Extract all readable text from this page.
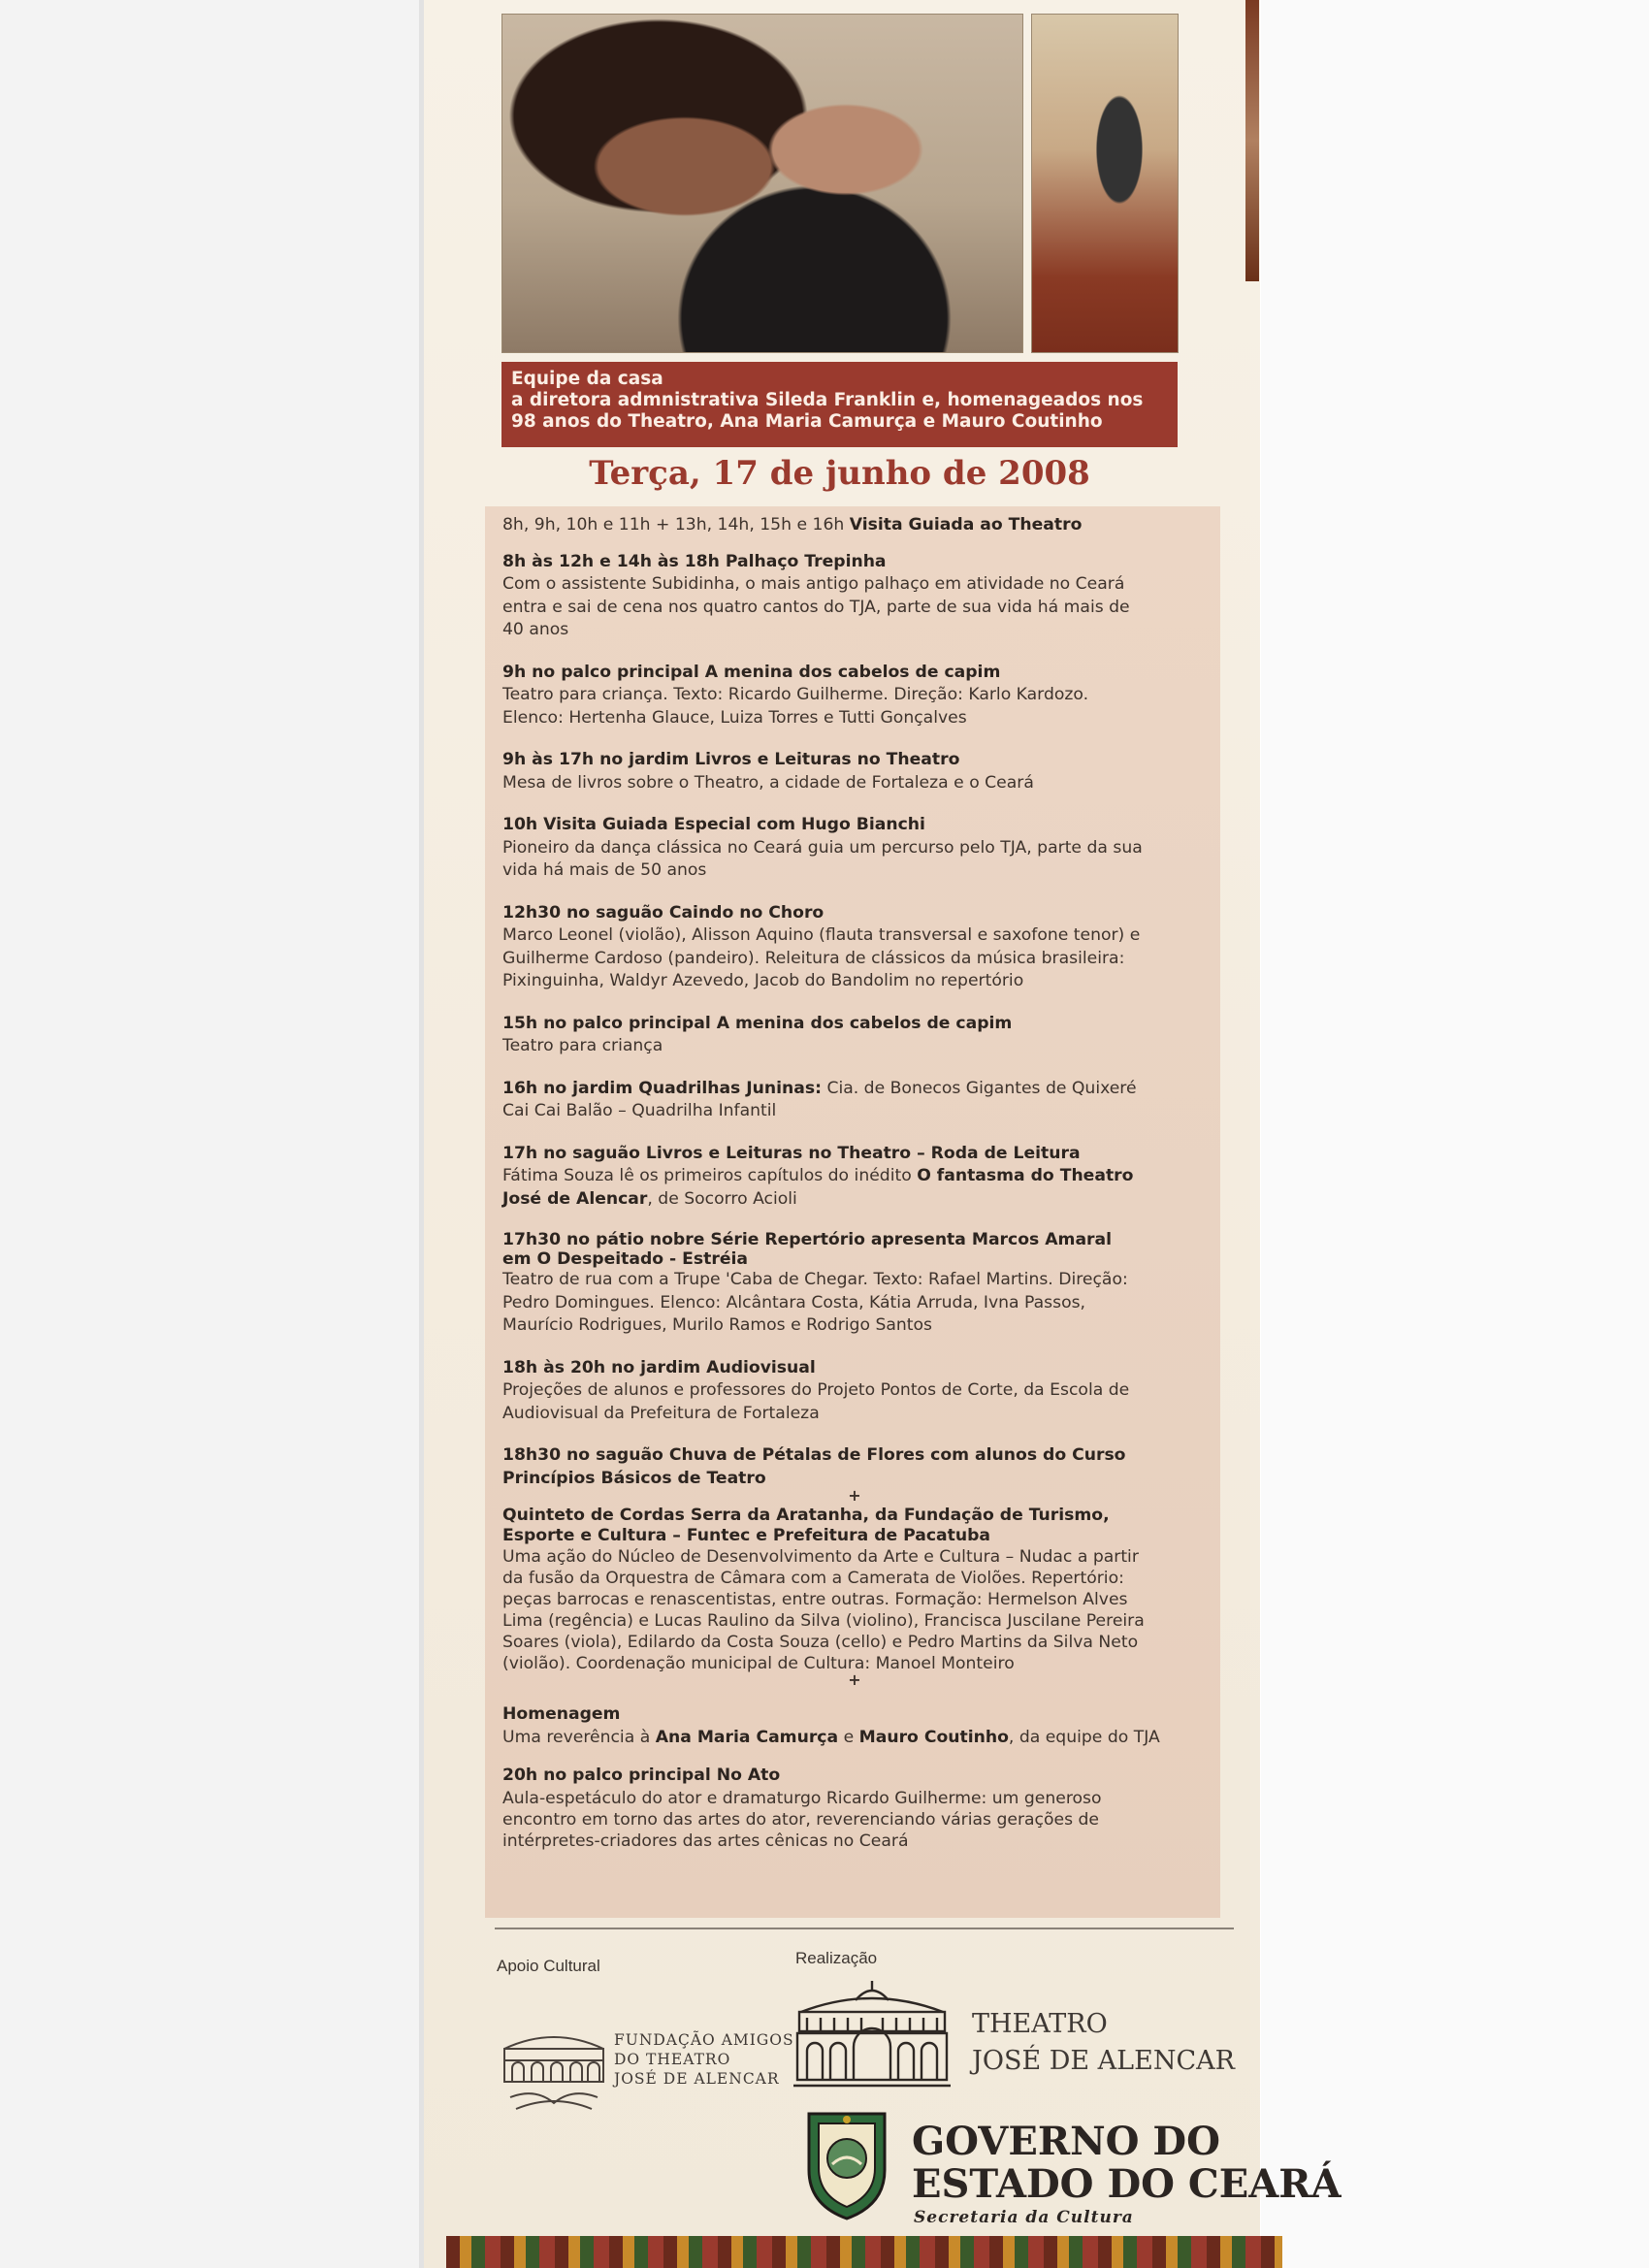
Equipe da casa
a diretora admnistrativa Sileda Franklin e, homenageados nos
98 anos do Theatro, Ana Maria Camurça e Mauro Coutinho
Terça, 17 de junho de 2008
8h, 9h, 10h e 11h + 13h, 14h, 15h e 16h Visita Guiada ao Theatro
8h às 12h e 14h às 18h Palhaço Trepinha
Com o assistente Subidinha, o mais antigo palhaço em atividade no Ceará
entra e sai de cena nos quatro cantos do TJA, parte de sua vida há mais de
40 anos
9h no palco principal A menina dos cabelos de capim
Teatro para criança. Texto: Ricardo Guilherme. Direção: Karlo Kardozo.
Elenco: Hertenha Glauce, Luiza Torres e Tutti Gonçalves
9h às 17h no jardim Livros e Leituras no Theatro
Mesa de livros sobre o Theatro, a cidade de Fortaleza e o Ceará
10h Visita Guiada Especial com Hugo Bianchi
Pioneiro da dança clássica no Ceará guia um percurso pelo TJA, parte da sua
vida há mais de 50 anos
12h30 no saguão Caindo no Choro
Marco Leonel (violão), Alisson Aquino (flauta transversal e saxofone tenor) e
Guilherme Cardoso (pandeiro). Releitura de clássicos da música brasileira:
Pixinguinha, Waldyr Azevedo, Jacob do Bandolim no repertório
15h no palco principal A menina dos cabelos de capim
Teatro para criança
16h no jardim Quadrilhas Juninas: Cia. de Bonecos Gigantes de Quixeré
Cai Cai Balão – Quadrilha Infantil
17h no saguão Livros e Leituras no Theatro – Roda de Leitura
Fátima Souza lê os primeiros capítulos do inédito O fantasma do Theatro
José de Alencar, de Socorro Acioli
17h30 no pátio nobre Série Repertório apresenta Marcos Amaral
em O Despeitado - Estréia
Teatro de rua com a Trupe 'Caba de Chegar. Texto: Rafael Martins. Direção:
Pedro Domingues. Elenco: Alcântara Costa, Kátia Arruda, Ivna Passos,
Maurício Rodrigues, Murilo Ramos e Rodrigo Santos
18h às 20h no jardim Audiovisual
Projeções de alunos e professores do Projeto Pontos de Corte, da Escola de
Audiovisual da Prefeitura de Fortaleza
18h30 no saguão Chuva de Pétalas de Flores com alunos do Curso
Princípios Básicos de Teatro
+
Quinteto de Cordas Serra da Aratanha, da Fundação de Turismo,
Esporte e Cultura – Funtec e Prefeitura de Pacatuba
Uma ação do Núcleo de Desenvolvimento da Arte e Cultura – Nudac a partir
da fusão da Orquestra de Câmara com a Camerata de Violões. Repertório:
peças barrocas e renascentistas, entre outras. Formação: Hermelson Alves
Lima (regência) e Lucas Raulino da Silva (violino), Francisca Juscilane Pereira
Soares (viola), Edilardo da Costa Souza (cello) e Pedro Martins da Silva Neto
(violão). Coordenação municipal de Cultura: Manoel Monteiro
+
Homenagem
Uma reverência à Ana Maria Camurça e Mauro Coutinho, da equipe do TJA
20h no palco principal No Ato
Aula-espetáculo do ator e dramaturgo Ricardo Guilherme: um generoso
encontro em torno das artes do ator, reverenciando várias gerações de
intérpretes-criadores das artes cênicas no Ceará
Apoio Cultural	Realização
FUNDAÇÃO AMIGOS
DO THEATRO
JOSÉ DE ALENCAR
THEATRO
JOSÉ DE ALENCAR
GOVERNO DO
ESTADO DO CEARÁ
Secretaria da Cultura
